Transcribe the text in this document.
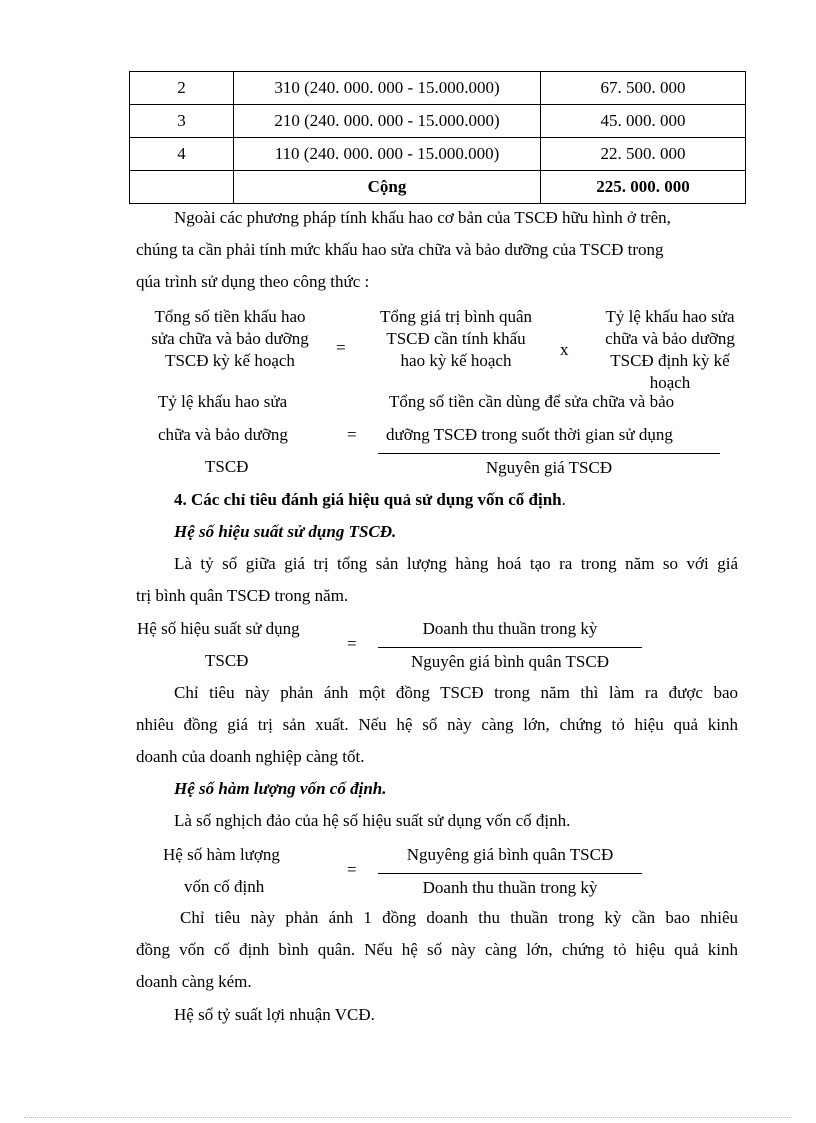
2	310 (240. 000. 000 - 15.000.000)	67. 500. 000
3	210 (240. 000. 000 - 15.000.000)	45. 000. 000
4	110 (240. 000. 000 - 15.000.000)	22. 500. 000
	Cộng	225. 000. 000
Ngoài các phương pháp tính khấu hao cơ bản của TSCĐ hữu hình ở trên,
chúng ta cần phải tính mức khấu hao sửa chữa và bảo dưỡng của TSCĐ trong
qúa trình sử dụng theo công thức :
Tổng số tiền khấu hao
sửa chữa và bảo dưỡng
TSCĐ kỳ kế hoạch
=
Tổng giá trị bình quân
TSCĐ cần tính khấu
hao kỳ kế hoạch
x
Tỷ lệ khấu hao sửa
chữa và bảo dưỡng
TSCĐ định kỳ kế
hoạch
Tỷ lệ khấu hao sửa
chữa và bảo dưỡng
TSCĐ
=
Tổng số tiền cần dùng để sửa chữa và bảo
dưỡng TSCĐ trong suốt thời gian sử dụng
Nguyên giá TSCĐ
4. Các chỉ tiêu đánh giá hiệu quả sử dụng vốn cố định.
Hệ số hiệu suất sử dụng TSCĐ.
Là tỷ số giữa giá trị tổng sản lượng hàng hoá tạo ra trong năm so với giá
trị bình quân TSCĐ trong năm.
Hệ số hiệu suất sử dụng
TSCĐ
=
Doanh thu thuần trong kỳ
Nguyên giá bình quân TSCĐ
Chỉ tiêu này phản ánh một đồng TSCĐ trong năm thì làm ra được bao
nhiêu đồng giá trị sản xuất. Nếu hệ số này càng lớn, chứng tỏ hiệu quả kinh
doanh của doanh nghiệp càng tốt.
Hệ số hàm lượng vốn cố định.
Là số nghịch đảo của hệ số hiệu suất sử dụng vốn cố định.
Hệ số hàm lượng
vốn cố định
=
Nguyêng giá bình quân TSCĐ
Doanh thu thuần trong kỳ
Chỉ tiêu này phản ánh 1 đồng doanh thu thuần trong kỳ cần bao nhiêu
đồng vốn cố định bình quân. Nếu hệ số này càng lớn, chứng tỏ hiệu quả kinh
doanh càng kém.
Hệ số tỷ suất lợi nhuận VCĐ.
